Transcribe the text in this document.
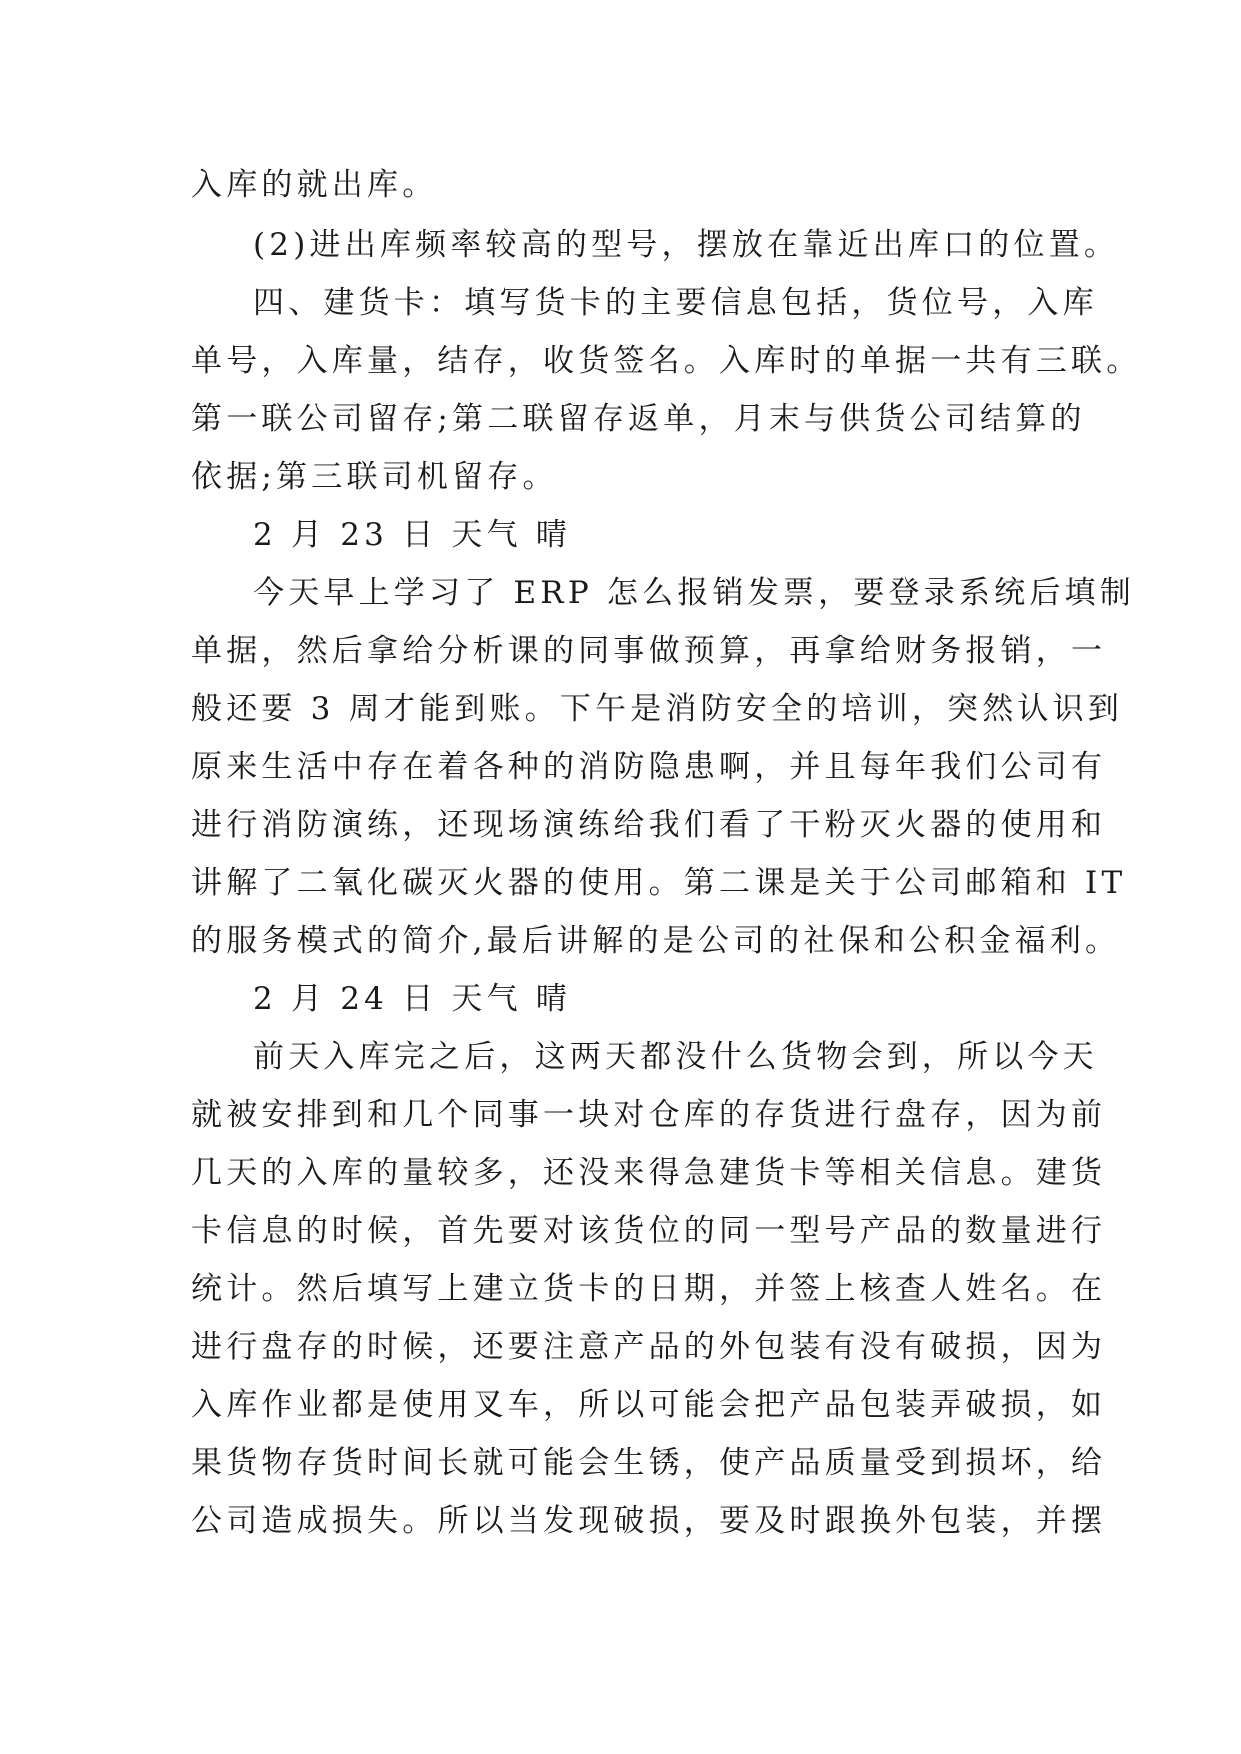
入库的就出库。
(2)进出库频率较高的型号，摆放在靠近出库口的位置。
四、建货卡：填写货卡的主要信息包括，货位号，入库
单号，入库量，结存，收货签名。入库时的单据一共有三联。
第一联公司留存;第二联留存返单，月末与供货公司结算的
依据;第三联司机留存。
2 月 23 日 天气 晴
今天早上学习了 ERP 怎么报销发票，要登录系统后填制
单据，然后拿给分析课的同事做预算，再拿给财务报销，一
般还要 3 周才能到账。下午是消防安全的培训，突然认识到
原来生活中存在着各种的消防隐患啊，并且每年我们公司有
进行消防演练，还现场演练给我们看了干粉灭火器的使用和
讲解了二氧化碳灭火器的使用。第二课是关于公司邮箱和 IT
的服务模式的简介,最后讲解的是公司的社保和公积金福利。
2 月 24 日 天气 晴
前天入库完之后，这两天都没什么货物会到，所以今天
就被安排到和几个同事一块对仓库的存货进行盘存，因为前
几天的入库的量较多，还没来得急建货卡等相关信息。建货
卡信息的时候，首先要对该货位的同一型号产品的数量进行
统计。然后填写上建立货卡的日期，并签上核查人姓名。在
进行盘存的时候，还要注意产品的外包装有没有破损，因为
入库作业都是使用叉车，所以可能会把产品包装弄破损，如
果货物存货时间长就可能会生锈，使产品质量受到损坏，给
公司造成损失。所以当发现破损，要及时跟换外包装，并摆
